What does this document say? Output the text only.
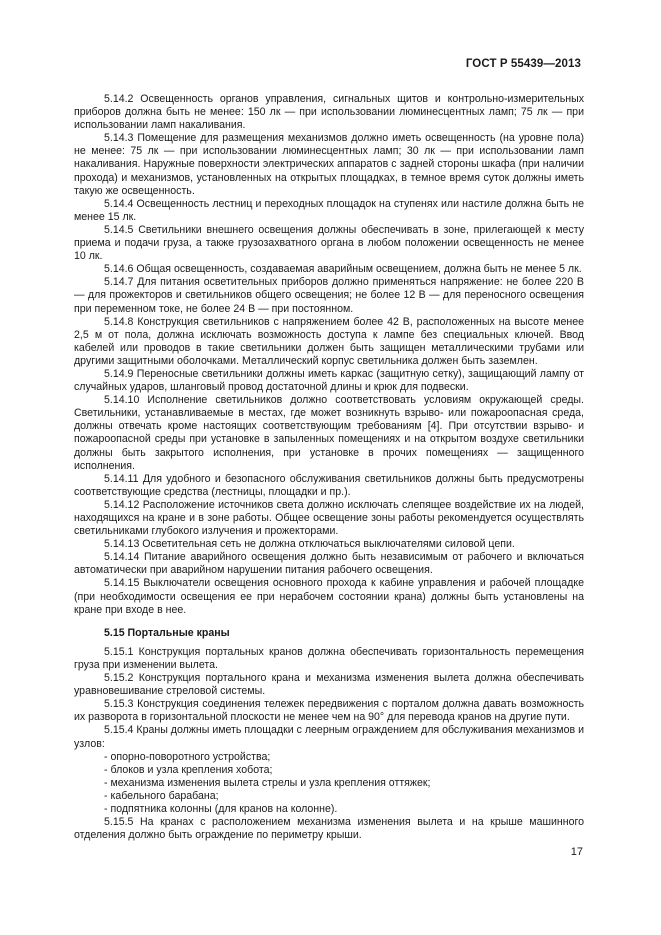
ГОСТ Р 55439—2013

5.14.2 Освещенность органов управления, сигнальных щитов и контрольно-измерительных приборов должна быть не менее: 150 лк — при использовании люминесцентных ламп; 75 лк — при использовании ламп накаливания.

5.14.3 Помещение для размещения механизмов должно иметь освещенность (на уровне пола) не менее: 75 лк — при использовании люминесцентных ламп; 30 лк — при использовании ламп накаливания. Наружные поверхности электрических аппаратов с задней стороны шкафа (при наличии прохода) и механизмов, установленных на открытых площадках, в темное время суток должны иметь такую же освещенность.

5.14.4 Освещенность лестниц и переходных площадок на ступенях или настиле должна быть не менее 15 лк.

5.14.5 Светильники внешнего освещения должны обеспечивать в зоне, прилегающей к месту приема и подачи груза, а также грузозахватного органа в любом положении освещенность не менее 10 лк.

5.14.6 Общая освещенность, создаваемая аварийным освещением, должна быть не менее 5 лк.

5.14.7 Для питания осветительных приборов должно применяться напряжение: не более 220 В — для прожекторов и светильников общего освещения; не более 12 В — для переносного освещения при переменном токе, не более 24 В — при постоянном.

5.14.8 Конструкция светильников с напряжением более 42 В, расположенных на высоте менее 2,5 м от пола, должна исключать возможность доступа к лампе без специальных ключей. Ввод кабелей или проводов в такие светильники должен быть защищен металлическими трубами или другими защитными оболочками. Металлический корпус светильника должен быть заземлен.

5.14.9 Переносные светильники должны иметь каркас (защитную сетку), защищающий лампу от случайных ударов, шланговый провод достаточной длины и крюк для подвески.

5.14.10 Исполнение светильников должно соответствовать условиям окружающей среды. Светильники, устанавливаемые в местах, где может возникнуть взрыво- или пожароопасная среда, должны отвечать кроме настоящих соответствующим требованиям [4]. При отсутствии взрыво- и пожароопасной среды при установке в запыленных помещениях и на открытом воздухе светильники должны быть закрытого исполнения, при установке в прочих помещениях — защищенного исполнения.

5.14.11 Для удобного и безопасного обслуживания светильников должны быть предусмотрены соответствующие средства (лестницы, площадки и пр.).

5.14.12 Расположение источников света должно исключать слепящее воздействие их на людей, находящихся на кране и в зоне работы. Общее освещение зоны работы рекомендуется осуществлять светильниками глубокого излучения и прожекторами.

5.14.13 Осветительная сеть не должна отключаться выключателями силовой цепи.

5.14.14 Питание аварийного освещения должно быть независимым от рабочего и включаться автоматически при аварийном нарушении питания рабочего освещения.

5.14.15 Выключатели освещения основного прохода к кабине управления и рабочей площадке (при необходимости освещения ее при нерабочем состоянии крана) должны быть установлены на кране при входе в нее.

5.15 Портальные краны

5.15.1 Конструкция портальных кранов должна обеспечивать горизонтальность перемещения груза при изменении вылета.

5.15.2 Конструкция портального крана и механизма изменения вылета должна обеспечивать уравновешивание стреловой системы.

5.15.3 Конструкция соединения тележек передвижения с порталом должна давать возможность их разворота в горизонтальной плоскости не менее чем на 90° для перевода кранов на другие пути.

5.15.4 Краны должны иметь площадки с леерным ограждением для обслуживания механизмов и узлов:

- опорно-поворотного устройства;

- блоков и узла крепления хобота;

- механизма изменения вылета стрелы и узла крепления оттяжек;

- кабельного барабана;

- подпятника колонны (для кранов на колонне).

5.15.5 На кранах с расположением механизма изменения вылета и на крыше машинного отделения должно быть ограждение по периметру крыши.

17
